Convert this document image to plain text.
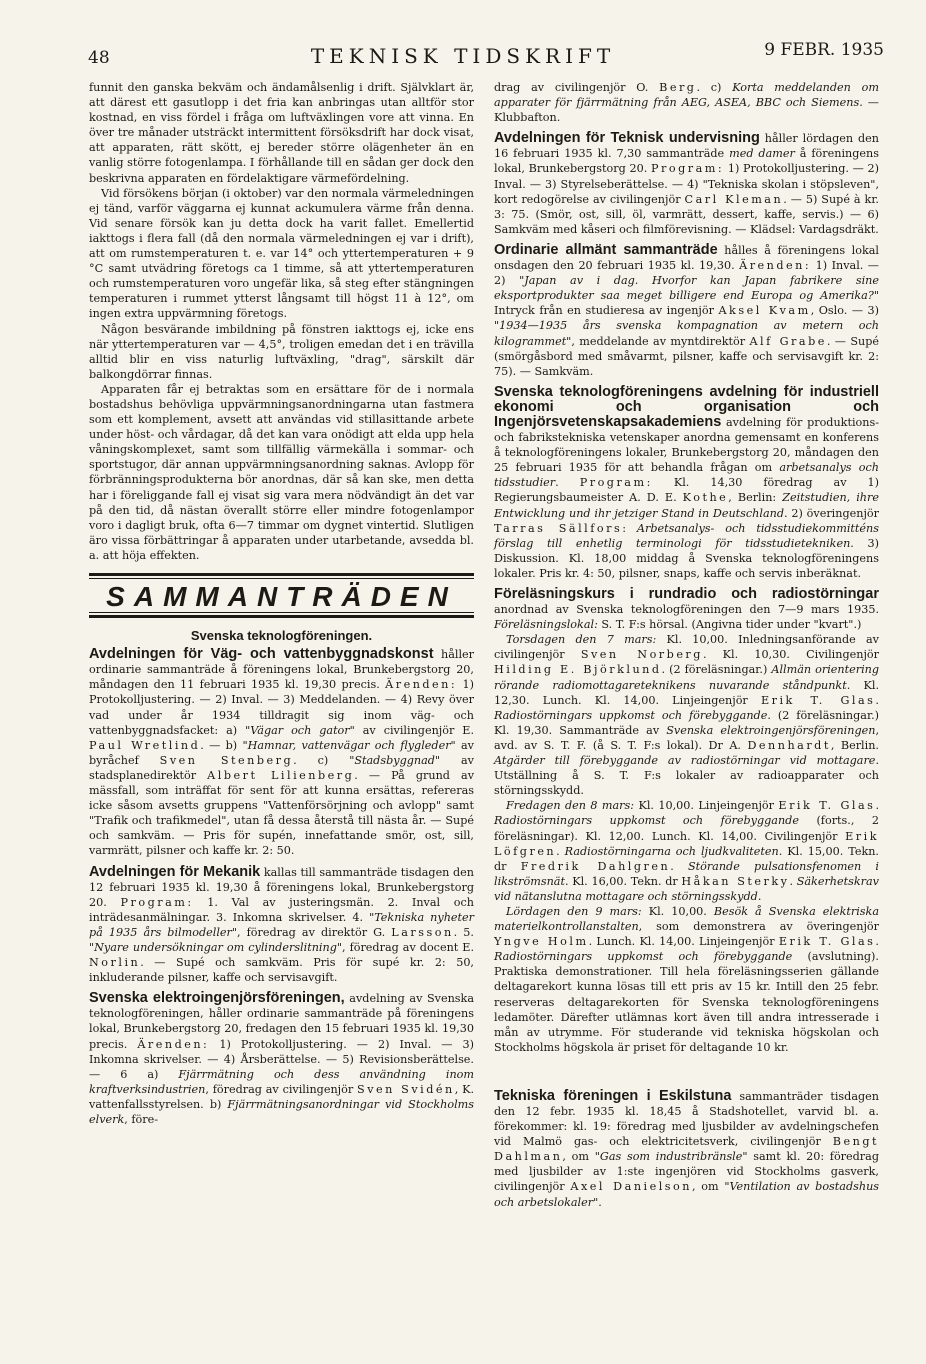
48	TEKNISK TIDSKRIFT	9 FEBR. 1935

funnit den ganska bekväm och ändamålsenlig i drift. Självklart är, att därest ett gasutlopp i det fria kan anbringas utan alltför stor kostnad, en viss fördel i fråga om luftväxlingen vore att vinna. En över tre månader utsträckt intermittent försöksdrift har dock visat, att apparaten, rätt skött, ej bereder större olägenheter än en vanlig större fotogenlampa. I förhållande till en sådan ger dock den beskrivna apparaten en fördelaktigare värmefördelning.

Vid försökens början (i oktober) var den normala värmeledningen ej tänd, varför väggarna ej kunnat ackumulera värme från denna. Vid senare försök kan ju detta dock ha varit fallet. Emellertid iakttogs i flera fall (då den normala värmeledningen ej var i drift), att om rumstemperaturen t. e. var 14° och yttertemperaturen + 9 °C samt utvädring företogs ca 1 timme, så att yttertemperaturen och rumstemperaturen voro ungefär lika, så steg efter stängningen temperaturen i rummet ytterst långsamt till högst 11 à 12°, om ingen extra uppvärmning företogs.

Någon besvärande imbildning på fönstren iakttogs ej, icke ens när yttertemperaturen var — 4,5°, troligen emedan det i en trävilla alltid blir en viss naturlig luftväxling, "drag", särskilt där balkongdörrar finnas.

Apparaten får ej betraktas som en ersättare för de i normala bostadshus behövliga uppvärmningsanordningarna utan fastmera som ett komplement, avsett att användas vid stillasittande arbete under höst- och vårdagar, då det kan vara onödigt att elda upp hela våningskomplexet, samt som tillfällig värmekälla i sommar- och sportstugor, där annan uppvärmningsanordning saknas. Avlopp för förbränningsprodukterna bör anordnas, där så kan ske, men detta har i föreliggande fall ej visat sig vara mera nödvändigt än det var på den tid, då nästan överallt större eller mindre fotogenlampor voro i dagligt bruk, ofta 6—7 timmar om dygnet vintertid. Slutligen äro vissa förbättringar å apparaten under utarbetande, avsedda bl. a. att höja effekten.

SAMMANTRÄDEN
Svenska teknologföreningen.

Avdelningen för Väg- och vattenbyggnadskonst håller ordinarie sammanträde å föreningens lokal, Brunkebergstorg 20, måndagen den 11 februari 1935 kl. 19,30 precis. Ärenden: 1) Protokolljustering. — 2) Inval. — 3) Meddelanden. — 4) Revy över vad under år 1934 tilldragit sig inom väg- och vattenbyggnadsfacket: a) "Vägar och gator" av civilingenjör E. Paul Wretlind. — b) "Hamnar, vattenvägar och flygleder" av byråchef Sven Stenberg. c) "Stadsbyggnad" av stadsplanedirektör Albert Lilienberg. — På grund av mässfall, som inträffat för sent för att kunna ersättas, refereras icke såsom avsetts gruppens "Vattenförsörjning och avlopp" samt "Trafik och trafikmedel", utan få dessa återstå till nästa år. — Supé och samkväm. — Pris för supén, innefattande smör, ost, sill, varmrätt, pilsner och kaffe kr. 2: 50.

Avdelningen för Mekanik kallas till sammanträde tisdagen den 12 februari 1935 kl. 19,30 å föreningens lokal, Brunkebergstorg 20. Program: 1. Val av justeringsmän. 2. Inval och inträdesanmälningar. 3. Inkomna skrivelser. 4. "Tekniska nyheter på 1935 års bilmodeller", föredrag av direktör G. Larsson. 5. "Nyare undersökningar om cylinderslitning", föredrag av docent E. Norlin. — Supé och samkväm. Pris för supé kr. 2: 50, inkluderande pilsner, kaffe och servisavgift.

Svenska elektroingenjörsföreningen, avdelning av Svenska teknologföreningen, håller ordinarie sammanträde på föreningens lokal, Brunkebergstorg 20, fredagen den 15 februari 1935 kl. 19,30 precis. Ärenden: 1) Protokolljustering. — 2) Inval. — 3) Inkomna skrivelser. — 4) Årsberättelse. — 5) Revisionsberättelse. — 6 a) Fjärrmätning och dess användning inom kraftverksindustrien, föredrag av civilingenjör Sven Svidén, K. vattenfallsstyrelsen. b) Fjärrmätningsanordningar vid Stockholms elverk, före-

drag av civilingenjör O. Berg. c) Korta meddelanden om apparater för fjärrmätning från AEG, ASEA, BBC och Siemens. — Klubbafton.

Avdelningen för Teknisk undervisning håller lördagen den 16 februari 1935 kl. 7,30 sammanträde med damer å föreningens lokal, Brunkebergstorg 20. Program: 1) Protokolljustering. — 2) Inval. — 3) Styrelseberättelse. — 4) "Tekniska skolan i stöpsleven", kort redogörelse av civilingenjör Carl Kleman. — 5) Supé à kr. 3: 75. (Smör, ost, sill, öl, varmrätt, dessert, kaffe, servis.) — 6) Samkväm med kåseri och filmförevisning. — Klädsel: Vardagsdräkt.

Ordinarie allmänt sammanträde hålles å föreningens lokal onsdagen den 20 februari 1935 kl. 19,30. Ärenden: 1) Inval. — 2) "Japan av i dag. Hvorfor kan Japan fabrikere sine eksportprodukter saa meget billigere end Europa og Amerika?" Intryck från en studieresa av ingenjör Aksel Kvam, Oslo. — 3) "1934—1935 års svenska kompagnation av metern och kilogrammet", meddelande av myntdirektör Alf Grabe. — Supé (smörgåsbord med småvarmt, pilsner, kaffe och servisavgift kr. 2: 75). — Samkväm.

Svenska teknologföreningens avdelning för industriell ekonomi och organisation och Ingenjörsvetenskapsakademiens avdelning för produktions- och fabrikstekniska vetenskaper anordna gemensamt en konferens å teknologföreningens lokaler, Brunkebergstorg 20, måndagen den 25 februari 1935 för att behandla frågan om arbetsanalys och tidsstudier. Program: Kl. 14,30 föredrag av 1) Regierungsbaumeister A. D. E. Kothe, Berlin: Zeitstudien, ihre Entwicklung und ihr jetziger Stand in Deutschland. 2) överingenjör Tarras Sällfors: Arbetsanalys- och tidsstudiekommitténs förslag till enhetlig terminologi för tidsstudietekniken. 3) Diskussion. Kl. 18,00 middag å Svenska teknologföreningens lokaler. Pris kr. 4: 50, pilsner, snaps, kaffe och servis inberäknat.

Föreläsningskurs i rundradio och radiostörningar anordnad av Svenska teknologföreningen den 7—9 mars 1935. Föreläsningslokal: S. T. F:s hörsal. (Angivna tider under "kvart".)

Torsdagen den 7 mars: Kl. 10,00. Inledningsanförande av civilingenjör Sven Norberg. Kl. 10,30. Civilingenjör Hilding E. Björklund. (2 föreläsningar.) Allmän orientering rörande radiomottagareteknikens nuvarande ståndpunkt. Kl. 12,30. Lunch. Kl. 14,00. Linjeingenjör Erik T. Glas. Radiostörningars uppkomst och förebyggande. (2 föreläsningar.) Kl. 19,30. Sammanträde av Svenska elektroingenjörsföreningen, avd. av S. T. F. (å S. T. F:s lokal). Dr A. Dennhardt, Berlin. Atgärder till förebyggande av radiostörningar vid mottagare. Utställning å S. T. F:s lokaler av radioapparater och störningsskydd.

Fredagen den 8 mars: Kl. 10,00. Linjeingenjör Erik T. Glas. Radiostörningars uppkomst och förebyggande (forts., 2 föreläsningar). Kl. 12,00. Lunch. Kl. 14,00. Civilingenjör Erik Löfgren. Radiostörningarna och ljudkvaliteten. Kl. 15,00. Tekn. dr Fredrik Dahlgren. Störande pulsationsfenomen i likströmsnät. Kl. 16,00. Tekn. dr Håkan Sterky. Säkerhetskrav vid nätanslutna mottagare och störningsskydd.

Lördagen den 9 mars: Kl. 10,00. Besök å Svenska elektriska materielkontrollanstalten, som demonstrera av överingenjör Yngve Holm. Lunch. Kl. 14,00. Linjeingenjör Erik T. Glas. Radiostörningars uppkomst och förebyggande (avslutning). Praktiska demonstrationer. Till hela föreläsningsserien gällande deltagarekort kunna lösas till ett pris av 15 kr. Intill den 25 febr. reserveras deltagarekorten för Svenska teknologföreningens ledamöter. Därefter utlämnas kort även till andra intresserade i mån av utrymme. För studerande vid tekniska högskolan och Stockholms högskola är priset för deltagande 10 kr.

Tekniska föreningen i Eskilstuna sammanträder tisdagen den 12 febr. 1935 kl. 18,45 å Stadshotellet, varvid bl. a. förekommer: kl. 19: föredrag med ljusbilder av avdelningschefen vid Malmö gas- och elektricitetsverk, civilingenjör Bengt Dahlman, om "Gas som industribränsle" samt kl. 20: föredrag med ljusbilder av 1:ste ingenjören vid Stockholms gasverk, civilingenjör Axel Danielson, om "Ventilation av bostadshus och arbetslokaler".
